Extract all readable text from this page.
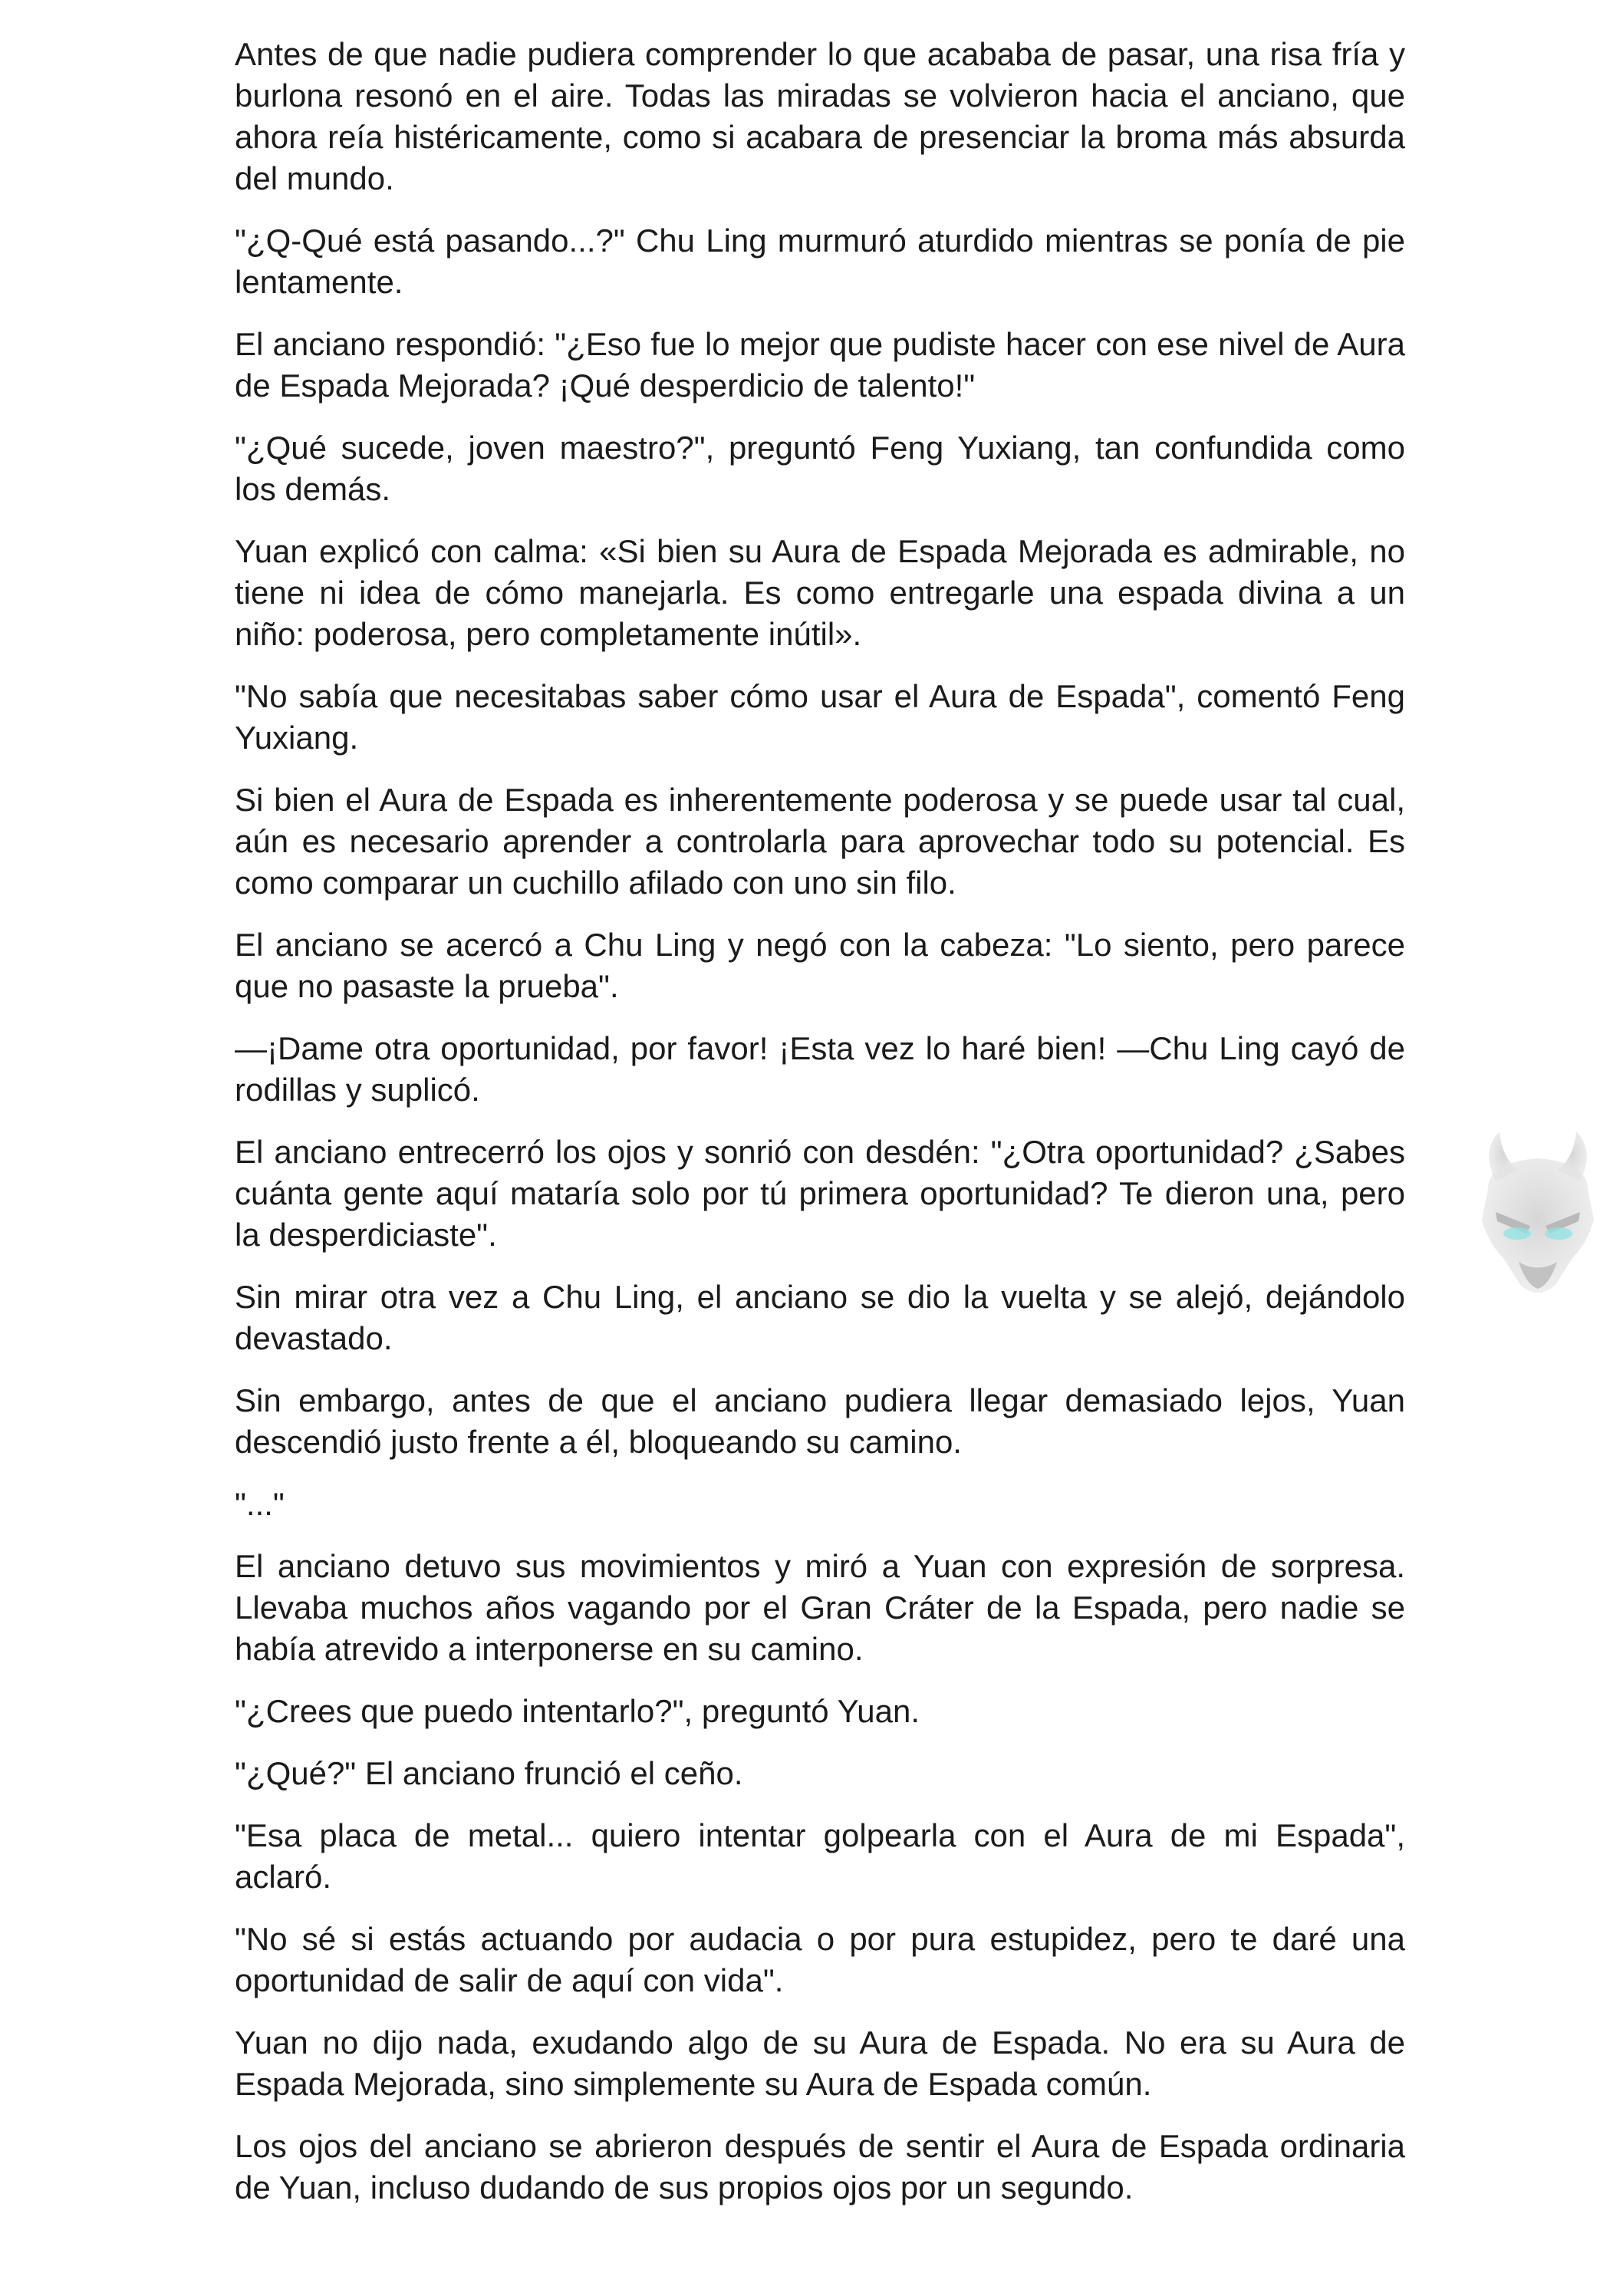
Antes de que nadie pudiera comprender lo que acababa de pasar, una risa fría y burlona resonó en el aire. Todas las miradas se volvieron hacia el anciano, que ahora reía histéricamente, como si acabara de presenciar la broma más absurda del mundo.

"¿Q-Qué está pasando...?" Chu Ling murmuró aturdido mientras se ponía de pie lentamente.

El anciano respondió: "¿Eso fue lo mejor que pudiste hacer con ese nivel de Aura de Espada Mejorada? ¡Qué desperdicio de talento!"

"¿Qué sucede, joven maestro?", preguntó Feng Yuxiang, tan confundida como los demás.

Yuan explicó con calma: «Si bien su Aura de Espada Mejorada es admirable, no tiene ni idea de cómo manejarla. Es como entregarle una espada divina a un niño: poderosa, pero completamente inútil».

"No sabía que necesitabas saber cómo usar el Aura de Espada", comentó Feng Yuxiang.

Si bien el Aura de Espada es inherentemente poderosa y se puede usar tal cual, aún es necesario aprender a controlarla para aprovechar todo su potencial. Es como comparar un cuchillo afilado con uno sin filo.

El anciano se acercó a Chu Ling y negó con la cabeza: "Lo siento, pero parece que no pasaste la prueba".

—¡Dame otra oportunidad, por favor! ¡Esta vez lo haré bien! —Chu Ling cayó de rodillas y suplicó.

El anciano entrecerró los ojos y sonrió con desdén: "¿Otra oportunidad? ¿Sabes cuánta gente aquí mataría solo por tú primera oportunidad? Te dieron una, pero la desperdiciaste".

Sin mirar otra vez a Chu Ling, el anciano se dio la vuelta y se alejó, dejándolo devastado.

Sin embargo, antes de que el anciano pudiera llegar demasiado lejos, Yuan descendió justo frente a él, bloqueando su camino.

"..."

El anciano detuvo sus movimientos y miró a Yuan con expresión de sorpresa. Llevaba muchos años vagando por el Gran Cráter de la Espada, pero nadie se había atrevido a interponerse en su camino.

"¿Crees que puedo intentarlo?", preguntó Yuan.

"¿Qué?" El anciano frunció el ceño.

"Esa placa de metal... quiero intentar golpearla con el Aura de mi Espada", aclaró.

"No sé si estás actuando por audacia o por pura estupidez, pero te daré una oportunidad de salir de aquí con vida".

Yuan no dijo nada, exudando algo de su Aura de Espada. No era su Aura de Espada Mejorada, sino simplemente su Aura de Espada común.

Los ojos del anciano se abrieron después de sentir el Aura de Espada ordinaria de Yuan, incluso dudando de sus propios ojos por un segundo.
